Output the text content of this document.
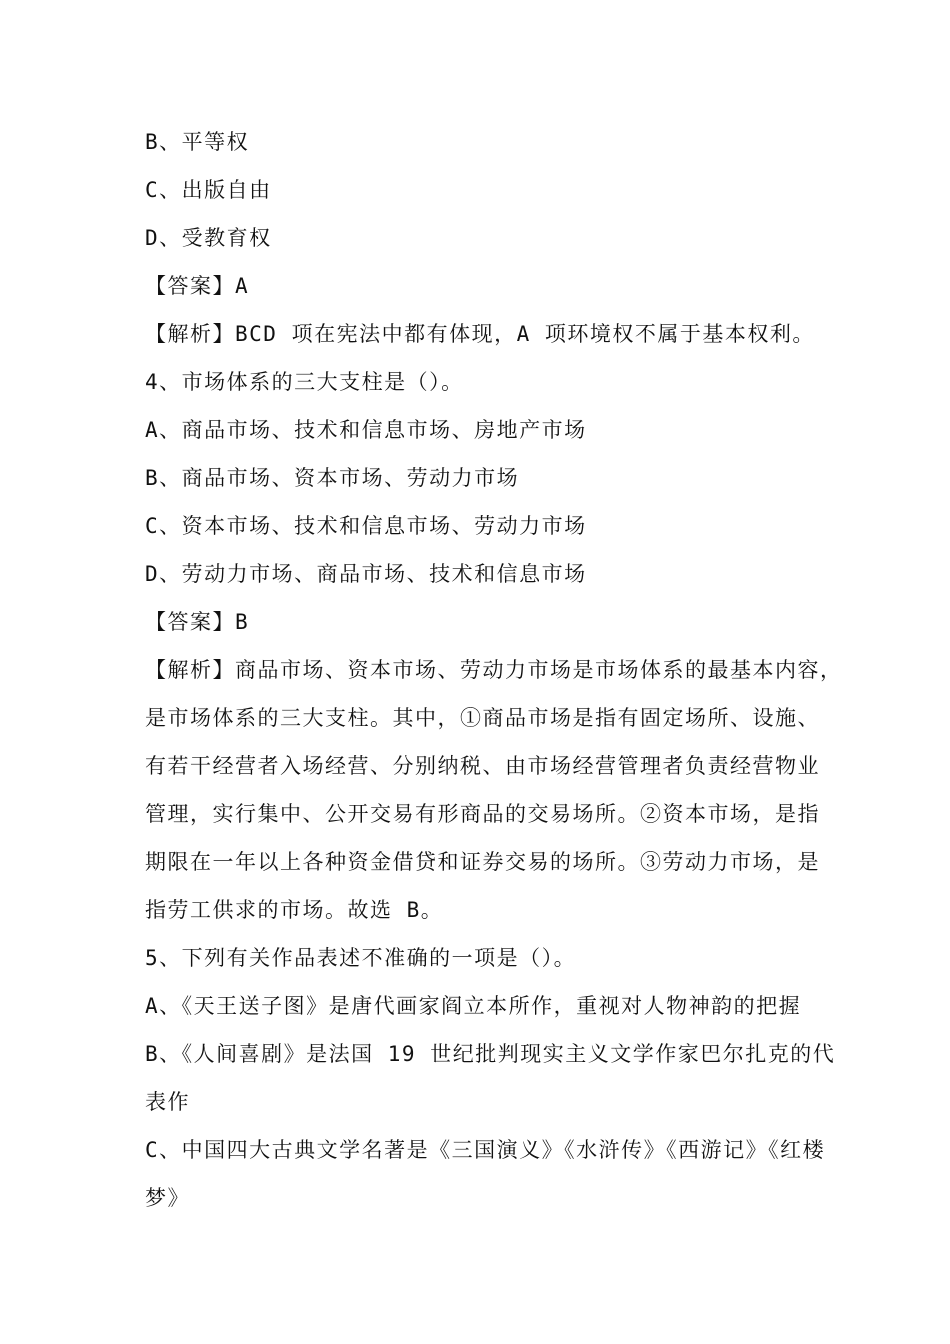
B、平等权
C、出版自由
D、受教育权
【答案】A
【解析】BCD 项在宪法中都有体现，A 项环境权不属于基本权利。
4、市场体系的三大支柱是（）。
A、商品市场、技术和信息市场、房地产市场
B、商品市场、资本市场、劳动力市场
C、资本市场、技术和信息市场、劳动力市场
D、劳动力市场、商品市场、技术和信息市场
【答案】B
【解析】商品市场、资本市场、劳动力市场是市场体系的最基本内容，
是市场体系的三大支柱。其中，①商品市场是指有固定场所、设施、
有若干经营者入场经营、分别纳税、由市场经营管理者负责经营物业
管理，实行集中、公开交易有形商品的交易场所。②资本市场，是指
期限在一年以上各种资金借贷和证券交易的场所。③劳动力市场，是
指劳工供求的市场。故选 B。
5、下列有关作品表述不准确的一项是（）。
A、《天王送子图》是唐代画家阎立本所作，重视对人物神韵的把握
B、《人间喜剧》是法国 19 世纪批判现实主义文学作家巴尔扎克的代
表作
C、中国四大古典文学名著是《三国演义》《水浒传》《西游记》《红楼
梦》
